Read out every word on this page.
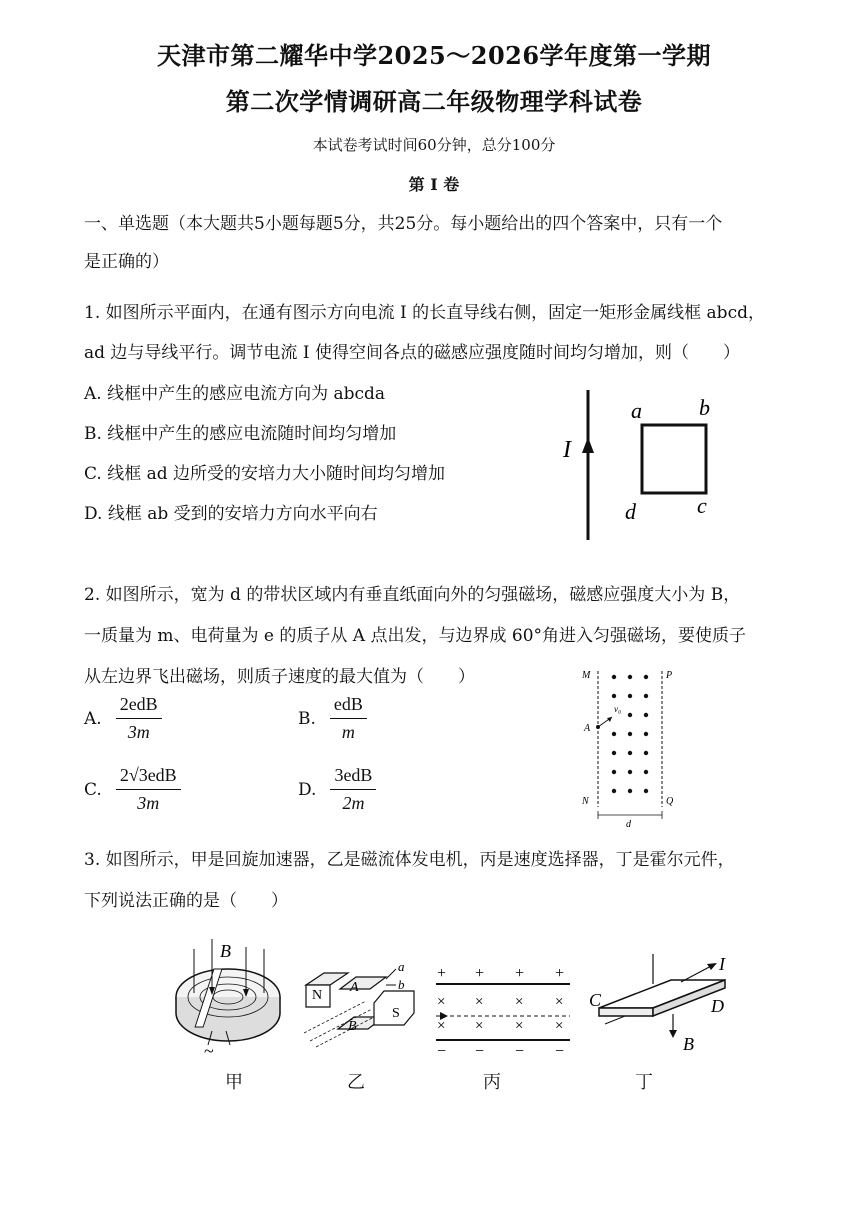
天津市第二耀华中学2025～2026学年度第一学期
第二次学情调研高二年级物理学科试卷
本试卷考试时间60分钟，总分100分
第 I 卷
一、单选题（本大题共5小题每题5分，共25分。每小题给出的四个答案中，只有一个
是正确的）
1. 如图所示平面内，在通有图示方向电流 I 的长直导线右侧，固定一矩形金属线框 abcd，
ad 边与导线平行。调节电流 I 使得空间各点的磁感应强度随时间均匀增加，则（　　）
A. 线框中产生的感应电流方向为 abcda
B. 线框中产生的感应电流随时间均匀增加
C. 线框 ad 边所受的安培力大小随时间均匀增加
D. 线框 ab 受到的安培力方向水平向右
I
a	b
c
d
2. 如图所示，宽为 d 的带状区域内有垂直纸面向外的匀强磁场，磁感应强度大小为 B，
一质量为 m、电荷量为 e 的质子从 A 点出发，与边界成 60°角进入匀强磁场，要使质子
从左边界飞出磁场，则质子速度的最大值为（　　）
A. $\frac{\text{2edB}}{3m}$	B. $\frac{\text{edB}}{m}$
C. $\frac{\text{2√3edB}}{3m}$	D. $\frac{\text{3edB}}{2m}$
M	P
N	Q
A
v₀
d
3. 如图所示，甲是回旋加速器，乙是磁流体发电机，丙是速度选择器，丁是霍尔元件，
下列说法正确的是（　　）
B
~
N
A
B
S
a
b
+ + + +
× × × ×
× × × ×
− − − −
I
C	D
B
甲	乙	丙	丁
